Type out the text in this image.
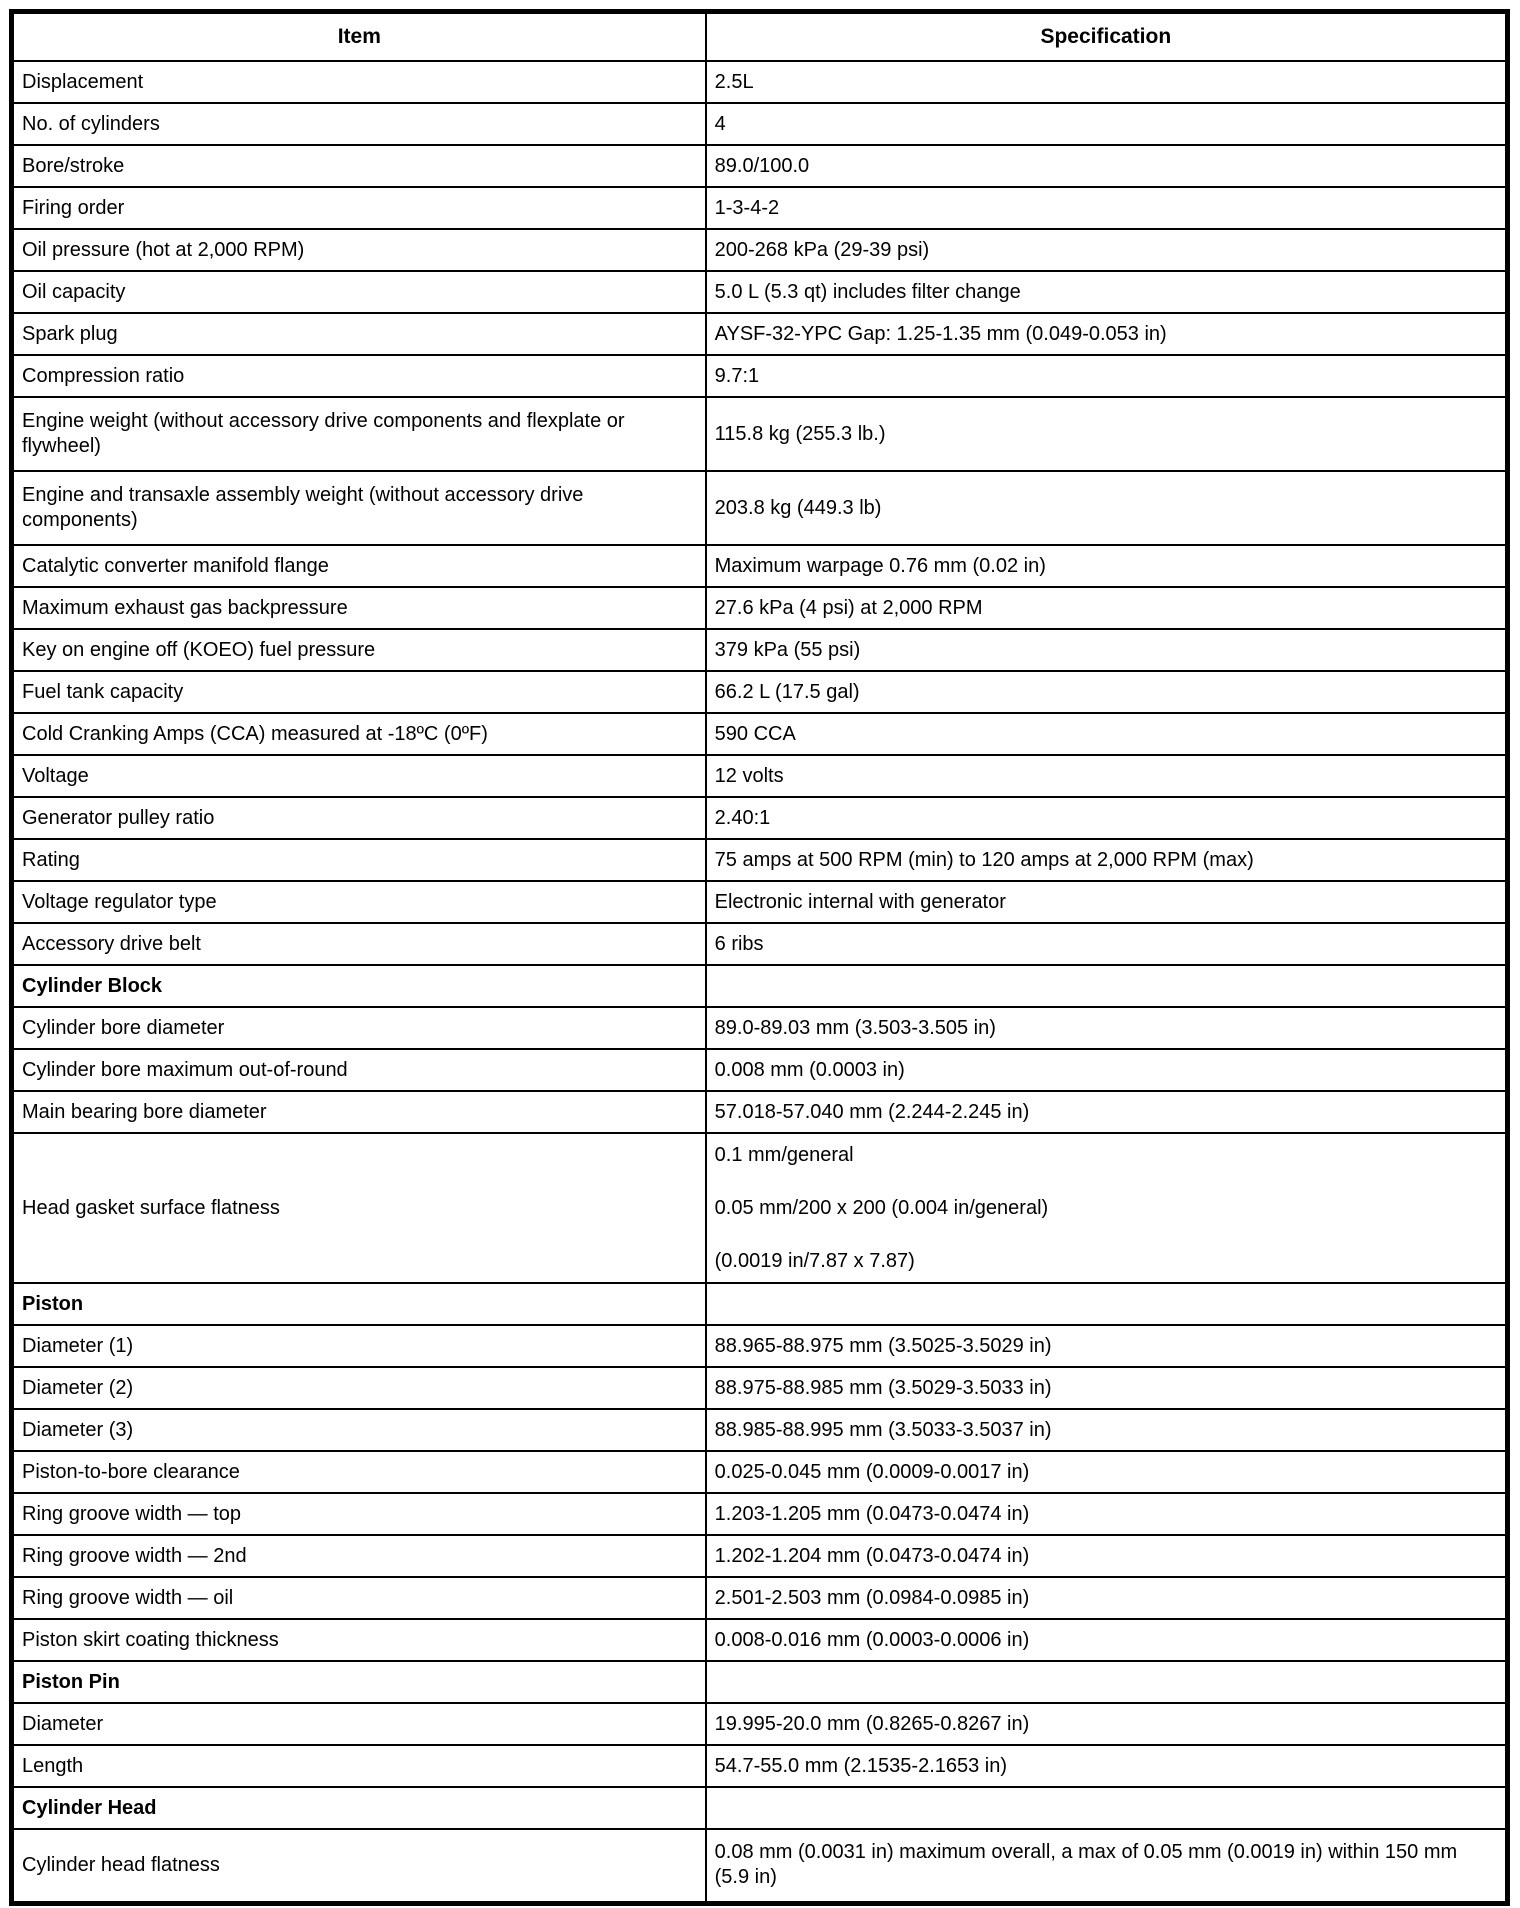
Item	Specification
Displacement	2.5L
No. of cylinders	4
Bore/stroke	89.0/100.0
Firing order	1-3-4-2
Oil pressure (hot at 2,000 RPM)	200-268 kPa (29-39 psi)
Oil capacity	5.0 L (5.3 qt) includes filter change
Spark plug	AYSF-32-YPC Gap: 1.25-1.35 mm (0.049-0.053 in)
Compression ratio	9.7:1
Engine weight (without accessory drive components and flexplate or flywheel)	115.8 kg (255.3 lb.)
Engine and transaxle assembly weight (without accessory drive components)	203.8 kg (449.3 lb)
Catalytic converter manifold flange	Maximum warpage 0.76 mm (0.02 in)
Maximum exhaust gas backpressure	27.6 kPa (4 psi) at 2,000 RPM
Key on engine off (KOEO) fuel pressure	379 kPa (55 psi)
Fuel tank capacity	66.2 L (17.5 gal)
Cold Cranking Amps (CCA) measured at -18ºC (0ºF)	590 CCA
Voltage	12 volts
Generator pulley ratio	2.40:1
Rating	75 amps at 500 RPM (min) to 120 amps at 2,000 RPM (max)
Voltage regulator type	Electronic internal with generator
Accessory drive belt	6 ribs
Cylinder Block	
Cylinder bore diameter	89.0-89.03 mm (3.503-3.505 in)
Cylinder bore maximum out-of-round	0.008 mm (0.0003 in)
Main bearing bore diameter	57.018-57.040 mm (2.244-2.245 in)
Head gasket surface flatness	0.1 mm/general
0.05 mm/200 x 200 (0.004 in/general)
(0.0019 in/7.87 x 7.87)

Piston	
Diameter (1)	88.965-88.975 mm (3.5025-3.5029 in)
Diameter (2)	88.975-88.985 mm (3.5029-3.5033 in)
Diameter (3)	88.985-88.995 mm (3.5033-3.5037 in)
Piston-to-bore clearance	0.025-0.045 mm (0.0009-0.0017 in)
Ring groove width — top	1.203-1.205 mm (0.0473-0.0474 in)
Ring groove width — 2nd	1.202-1.204 mm (0.0473-0.0474 in)
Ring groove width — oil	2.501-2.503 mm (0.0984-0.0985 in)
Piston skirt coating thickness	0.008-0.016 mm (0.0003-0.0006 in)
Piston Pin	
Diameter	19.995-20.0 mm (0.8265-0.8267 in)
Length	54.7-55.0 mm (2.1535-2.1653 in)
Cylinder Head	
Cylinder head flatness	0.08 mm (0.0031 in) maximum overall, a max of 0.05 mm (0.0019 in) within 150 mm (5.9 in)
